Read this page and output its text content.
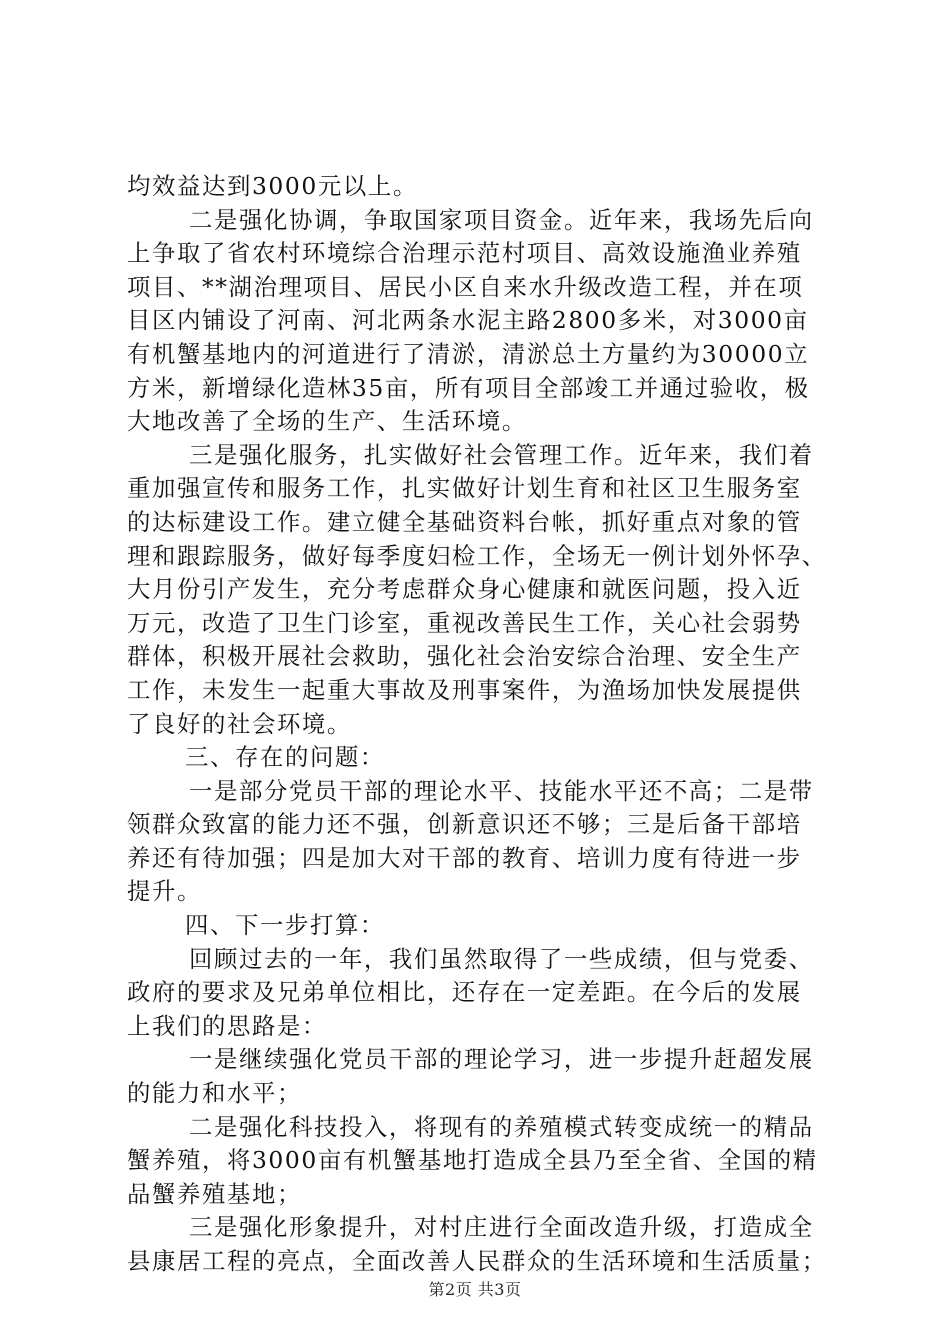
均效益达到3000元以上。
二是强化协调，争取国家项目资金。近年来，我场先后向
上争取了省农村环境综合治理示范村项目、高效设施渔业养殖
项目、**湖治理项目、居民小区自来水升级改造工程，并在项
目区内铺设了河南、河北两条水泥主路2800多米，对3000亩
有机蟹基地内的河道进行了清淤，清淤总土方量约为30000立
方米，新增绿化造林35亩，所有项目全部竣工并通过验收，极
大地改善了全场的生产、生活环境。
三是强化服务，扎实做好社会管理工作。近年来，我们着
重加强宣传和服务工作，扎实做好计划生育和社区卫生服务室
的达标建设工作。建立健全基础资料台帐，抓好重点对象的管
理和跟踪服务，做好每季度妇检工作，全场无一例计划外怀孕、
大月份引产发生，充分考虑群众身心健康和就医问题，投入近
万元，改造了卫生门诊室，重视改善民生工作，关心社会弱势
群体，积极开展社会救助，强化社会治安综合治理、安全生产
工作，未发生一起重大事故及刑事案件，为渔场加快发展提供
了良好的社会环境。
三、存在的问题：
一是部分党员干部的理论水平、技能水平还不高；二是带
领群众致富的能力还不强，创新意识还不够；三是后备干部培
养还有待加强；四是加大对干部的教育、培训力度有待进一步
提升。
四、下一步打算：
回顾过去的一年，我们虽然取得了一些成绩，但与党委、
政府的要求及兄弟单位相比，还存在一定差距。在今后的发展
上我们的思路是：
一是继续强化党员干部的理论学习，进一步提升赶超发展
的能力和水平；
二是强化科技投入，将现有的养殖模式转变成统一的精品
蟹养殖，将3000亩有机蟹基地打造成全县乃至全省、全国的精
品蟹养殖基地；
三是强化形象提升，对村庄进行全面改造升级，打造成全
县康居工程的亮点，全面改善人民群众的生活环境和生活质量；
第2页 共3页
